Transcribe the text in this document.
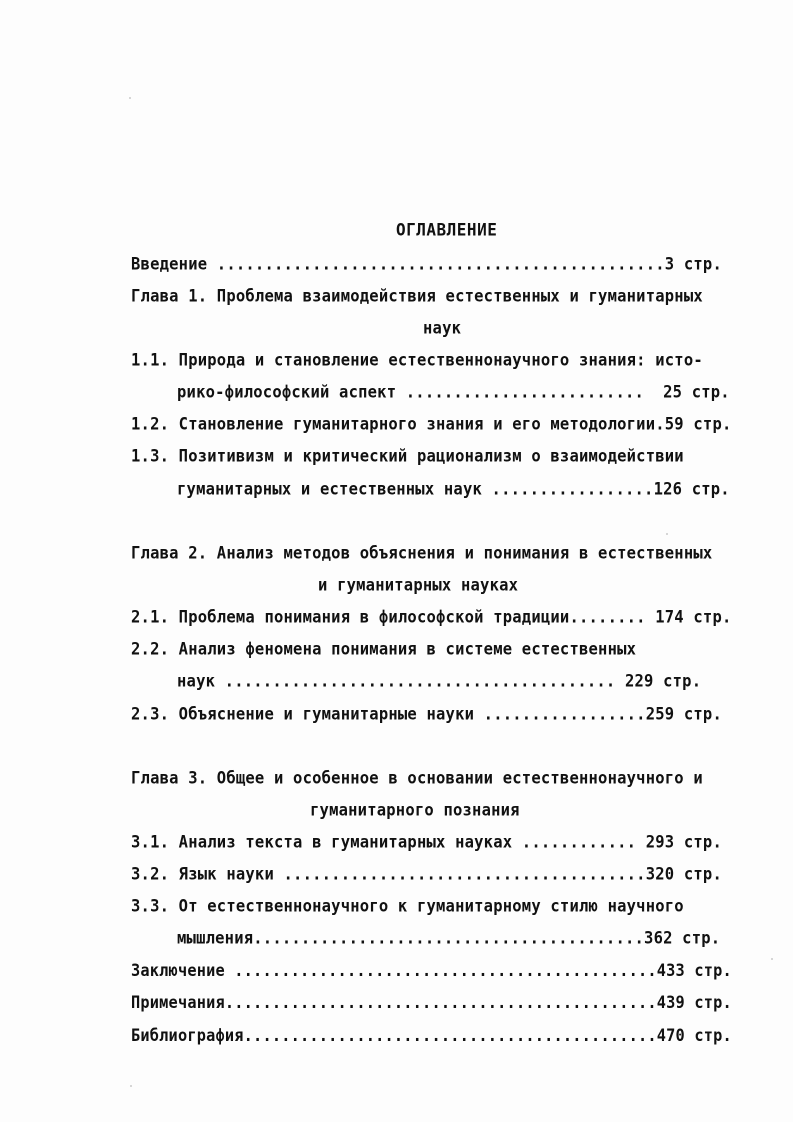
ОГЛАВЛЕНИЕ
Введение ...............................................3 стр.
Глава 1. Проблема взаимодействия естественных и гуманитарных
наук
1.1. Природа и становление естественнонаучного знания: исто-
рико-философский аспект .........................  25 стр.
1.2. Становление гуманитарного знания и его методологии.59 стр.
1.3. Позитивизм и критический рационализм о взаимодействии
гуманитарных и естественных наук .................126 стр.
Глава 2. Анализ методов объяснения и понимания в естественных
и гуманитарных науках
2.1. Проблема понимания в философской традиции........ 174 стр.
2.2. Анализ феномена понимания в системе естественных
наук ......................................... 229 стр.
2.3. Объяснение и гуманитарные науки .................259 стр.
Глава 3. Общее и особенное в основании естественнонаучного и
гуманитарного познания
3.1. Анализ текста в гуманитарных науках ............ 293 стр.
3.2. Язык науки ......................................320 стр.
3.3. От естественнонаучного к гуманитарному стилю научного
мышления.........................................362 стр.
Заключение .............................................433 стр.
Примечания..............................................439 стр.
Библиография............................................470 стр.
